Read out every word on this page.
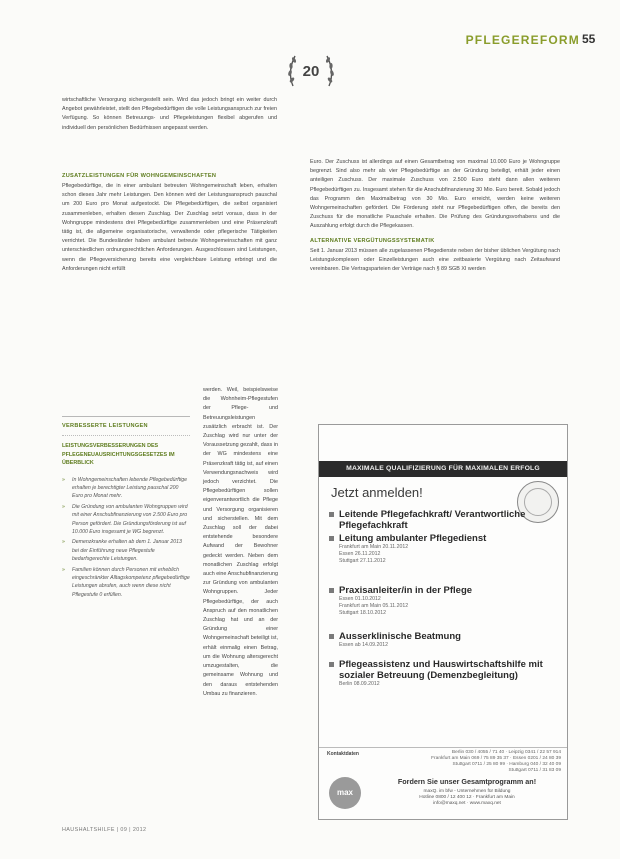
PFLEGEREFORM 55
20

wirtschaftliche Versorgung sichergestellt sein. Wird das jedoch bringt ein weiter durch Angebot gewährleistet, stellt den Pflegebedürftigen die volle Leistungsanspruch zur freien Verfügung. So können Betreuungs- und Pflegeleistungen flexibel abgerufen und individuell den persönlichen Bedürfnissen angepasst werden.

ZUSATZLEISTUNGEN FÜR WOHNGEMEINSCHAFTEN

Pflegebedürftige, die in einer ambulant betreuten Wohngemeinschaft leben, erhalten schon dieses Jahr mehr Leistungen. Den können wird der Leistungsanspruch pauschal um 200 Euro pro Monat aufgestockt. Die Pflegebedürftigen, die selbst organisiert zusammenleben, erhalten diesen Zuschlag. Der Zuschlag setzt voraus, dass in der Wohngruppe mindestens drei Pflegebedürftige zusammenleben und eine Präsenzkraft tätig ist, die allgemeine organisatorische, verwaltende oder pflegerische Tätigkeiten verrichtet. Die Bundesländer haben ambulant betreute Wohngemeinschaften mit ganz unterschiedlichen ordnungsrechtlichen Anforderungen. Ausgeschlossen sind Leistungen, wenn die Pflegeversicherung bereits eine vergleichbare Leistung erbringt und die Anforderungen nicht erfüllt

werden. Weil, beispielsweise die Wohnheim-Pflegestufen der Pflege- und Betreuungsleistungen zusätzlich erbracht ist. Der Zuschlag wird nur unter der Voraussetzung gezahlt, dass in der WG mindestens eine Präsenzkraft tätig ist, auf einen Verwendungsnachweis wird jedoch verzichtet. Die Pflegebedürftigen sollen eigenverantwortlich die Pflege und Versorgung organisieren und sicherstellen. Mit dem Zuschlag soll der dabei entstehende besondere Aufwand der Bewohner gedeckt werden. Neben dem monatlichen Zuschlag erfolgt auch eine Anschubfinanzierung zur Gründung von ambulanten Wohngruppen. Jeder Pflegebedürftige, der auch Anspruch auf den monatlichen Zuschlag hat und an der Gründung einer Wohngemeinschaft beteiligt ist, erhält einmalig einen Betrag, um die Wohnung altersgerecht umzugestalten, die gemeinsame Wohnung und den daraus entstehenden Umbau zu finanzieren.

Euro. Der Zuschuss ist allerdings auf einen Gesamtbetrag von maximal 10.000 Euro je Wohngruppe begrenzt. Sind also mehr als vier Pflegebedürftige an der Gründung beteiligt, erhält jeder einen anteiligen Zuschuss. Der maximale Zuschuss von 2.500 Euro steht dann allen weiteren Pflegebedürftigen zu. Insgesamt stehen für die Anschubfinanzierung 30 Mio. Euro bereit. Sobald jedoch das Programm den Maximalbetrag von 30 Mio. Euro erreicht, werden keine weiteren Wohngemeinschaften gefördert. Die Förderung steht nur Pflegebedürftigen offen, die bereits den Zuschuss für die monatliche Pauschale erhalten. Die Prüfung des Gründungsvorhabens und die Auszahlung erfolgt durch die Pflegekassen.

ALTERNATIVE VERGÜTUNGSSYSTEMATIK

Seit 1. Januar 2013 müssen alle zugelassenen Pflegedienste neben der bisher üblichen Vergütung nach Leistungskomplexen oder Einzelleistungen auch eine zeitbasierte Vergütung nach Zeitaufwand vereinbaren. Die Vertragsparteien der Verträge nach § 89 SGB XI werden

VERBESSERTE LEISTUNGEN
LEISTUNGSVERBESSERUNGEN DES PFLEGENEUAUSRICHTUNGSGESETZES IM ÜBERBLICK
» In Wohngemeinschaften lebende Pflegebedürftige erhalten je berechtigter Leistung pauschal 200 Euro pro Monat mehr.
» Die Gründung von ambulanten Wohngruppen wird mit einer Anschubfinanzierung von 2.500 Euro pro Person gefördert. Die Gründungsförderung ist auf 10.000 Euro insgesamt je WG begrenzt.
» Demenzkranke erhalten ab dem 1. Januar 2013 bei der Einführung neue Pflegestufe bedarfsgerechte Leistungen.
» Familien können durch Personen mit erheblich eingeschränkter Alltagskompetenz pflegebedürftige Leistungen abrufen, auch wenn diese nicht Pflegestufe 0 erfüllen.
MAXIMALE QUALIFIZIERUNG FÜR MAXIMALEN ERFOLG
Jetzt anmelden!
Leitende Pflegefachkraft/ Verantwortliche Pflegefachkraft
Leitung ambulanter Pflegedienst
Frankfurt am Main 20.11.2012
Essen 26.11.2012
Stuttgart 27.11.2012
Praxisanleiter/in in der Pflege
Essen 01.10.2012
Frankfurt am Main 05.11.2012
Stuttgart 18.10.2012
Ausserklinische Beatmung
Essen ab 14.09.2012
Pflegeassistenz und Hauswirtschaftshilfe mit sozialer Betreuung (Demenzbegleitung)
Berlin 08.09.2012
Kontaktdaten	Berlin 030 / 4055 / 71 40 · Leipzig 0341 / 22 57 914
Frankfurt am Main 069 / 75 89 35 37 · Essen 0201 / 24 80 39
Stuttgart 0711 / 25 80 99 · Hamburg 040 / 32 40 09
Stuttgart 0711 / 31 83 09
max
Fordern Sie unser Gesamtprogramm an!
maxQ. im bfw - Unternehmen für Bildung
Hotline 0800 / 12 400 12 · Frankfurt am Main
info@maxq.net · www.maxq.net
HAUSHALTSHILFE | 09 | 2012
